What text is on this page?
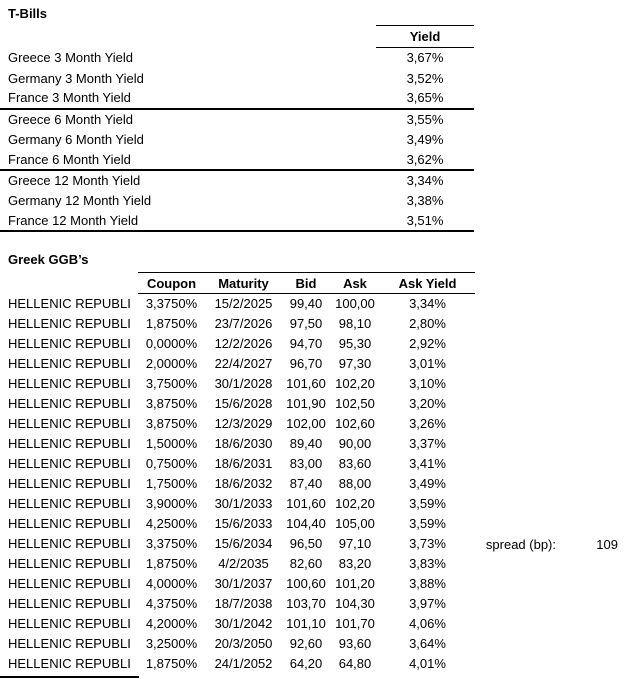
T-Bills
	Yield
Greece 3 Month Yield	3,67%
Germany 3 Month Yield	3,52%
France 3 Month Yield	3,65%
Greece 6 Month Yield	3,55%
Germany 6 Month Yield	3,49%
France 6 Month Yield	3,62%
Greece 12 Month Yield	3,34%
Germany 12 Month Yield	3,38%
France 12 Month Yield	3,51%
Greek GGB’s
	Coupon	Maturity	Bid	Ask	Ask Yield
HELLENIC REPUBLI	3,3750%	15/2/2025	99,40	100,00	3,34%
HELLENIC REPUBLI	1,8750%	23/7/2026	97,50	98,10	2,80%
HELLENIC REPUBLI	0,0000%	12/2/2026	94,70	95,30	2,92%
HELLENIC REPUBLI	2,0000%	22/4/2027	96,70	97,30	3,01%
HELLENIC REPUBLI	3,7500%	30/1/2028	101,60	102,20	3,10%
HELLENIC REPUBLI	3,8750%	15/6/2028	101,90	102,50	3,20%
HELLENIC REPUBLI	3,8750%	12/3/2029	102,00	102,60	3,26%
HELLENIC REPUBLI	1,5000%	18/6/2030	89,40	90,00	3,37%
HELLENIC REPUBLI	0,7500%	18/6/2031	83,00	83,60	3,41%
HELLENIC REPUBLI	1,7500%	18/6/2032	87,40	88,00	3,49%
HELLENIC REPUBLI	3,9000%	30/1/2033	101,60	102,20	3,59%
HELLENIC REPUBLI	4,2500%	15/6/2033	104,40	105,00	3,59%
HELLENIC REPUBLI	3,3750%	15/6/2034	96,50	97,10	3,73%
HELLENIC REPUBLI	1,8750%	4/2/2035	82,60	83,20	3,83%
HELLENIC REPUBLI	4,0000%	30/1/2037	100,60	101,20	3,88%
HELLENIC REPUBLI	4,3750%	18/7/2038	103,70	104,30	3,97%
HELLENIC REPUBLI	4,2000%	30/1/2042	101,10	101,70	4,06%
HELLENIC REPUBLI	3,2500%	20/3/2050	92,60	93,60	3,64%
HELLENIC REPUBLI	1,8750%	24/1/2052	64,20	64,80	4,01%
spread (bp):	109
